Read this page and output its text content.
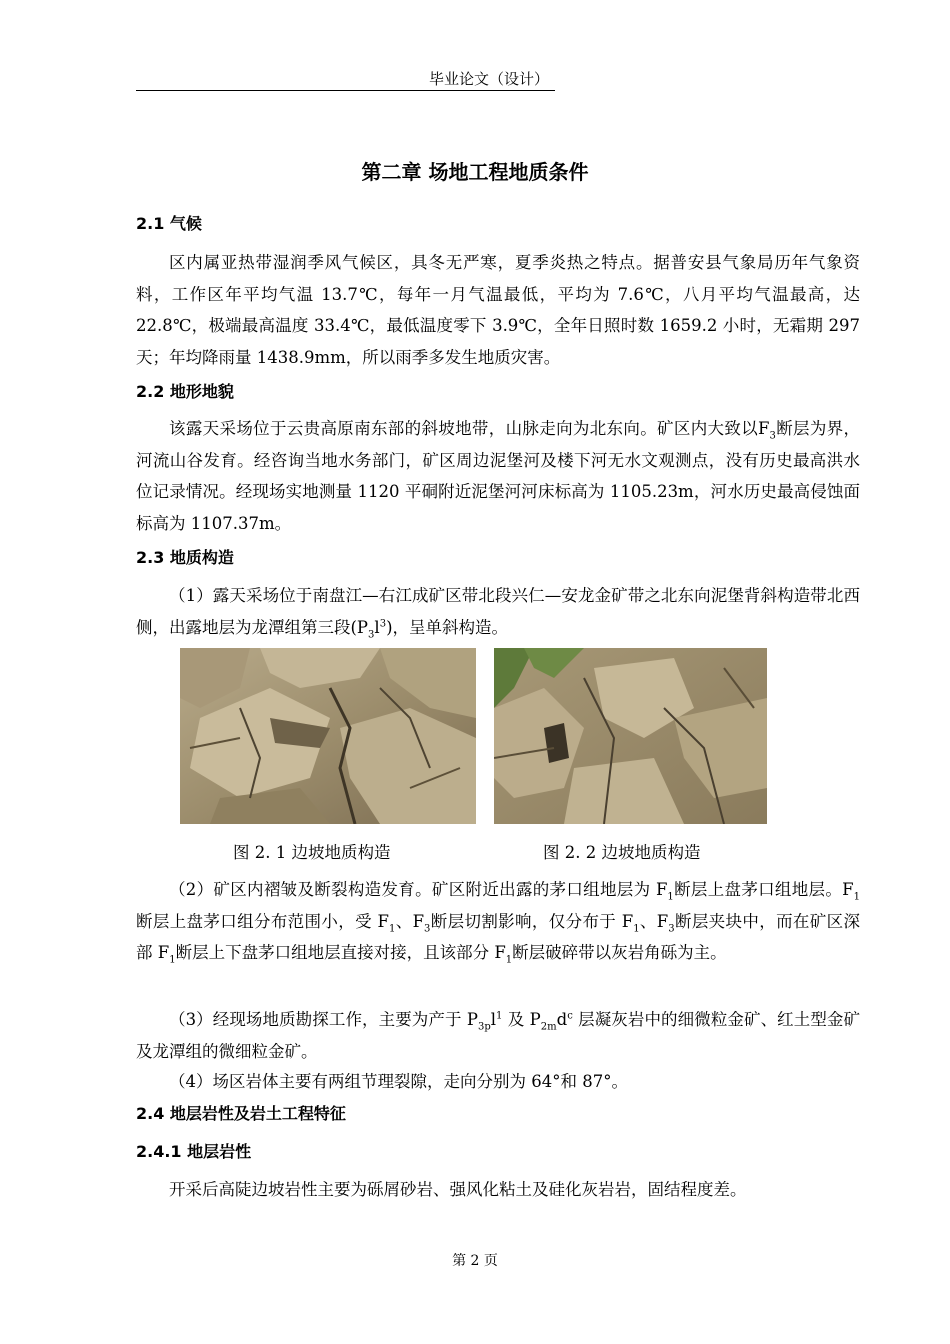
毕业论文（设计）
第二章 场地工程地质条件
2.1 气候
区内属亚热带湿润季风气候区，具冬无严寒，夏季炎热之特点。据普安县气象局历年气象资料，工作区年平均气温 13.7℃，每年一月气温最低，平均为 7.6℃，八月平均气温最高，达 22.8℃，极端最高温度 33.4℃，最低温度零下 3.9℃，全年日照时数 1659.2 小时，无霜期 297 天；年均降雨量 1438.9mm，所以雨季多发生地质灾害。
2.2 地形地貌
该露天采场位于云贵高原南东部的斜坡地带，山脉走向为北东向。矿区内大致以$F_3$断层为界，河流山谷发育。经咨询当地水务部门，矿区周边泥堡河及楼下河无水文观测点，没有历史最高洪水位记录情况。经现场实地测量 1120 平硐附近泥堡河河床标高为 1105.23m，河水历史最高侵蚀面标高为 1107.37m。
2.3 地质构造
（1）露天采场位于南盘江—右江成矿区带北段兴仁—安龙金矿带之北东向泥堡背斜构造带北西侧，出露地层为龙潭组第三段$(P_3l^3)$，呈单斜构造。
图 2. 1 边坡地质构造	图 2. 2 边坡地质构造
（2）矿区内褶皱及断裂构造发育。矿区附近出露的茅口组地层为 $F_1$断层上盘茅口组地层。$F_1$断层上盘茅口组分布范围小，受 $F_1$、$F_3$断层切割影响，仅分布于 $F_1$、$F_3$断层夹块中，而在矿区深部 $F_1$断层上下盘茅口组地层直接对接，且该部分 $F_1$断层破碎带以灰岩角砾为主。
（3）经现场地质勘探工作，主要为产于 $P_{3p}l^1$ 及 $P_{2m}d^c$ 层凝灰岩中的细微粒金矿、红土型金矿及龙潭组的微细粒金矿。
（4）场区岩体主要有两组节理裂隙，走向分别为 64°和 87°。
2.4 地层岩性及岩土工程特征
2.4.1 地层岩性
开采后高陡边坡岩性主要为砾屑砂岩、强风化粘土及硅化灰岩岩，固结程度差。
第 2 页
